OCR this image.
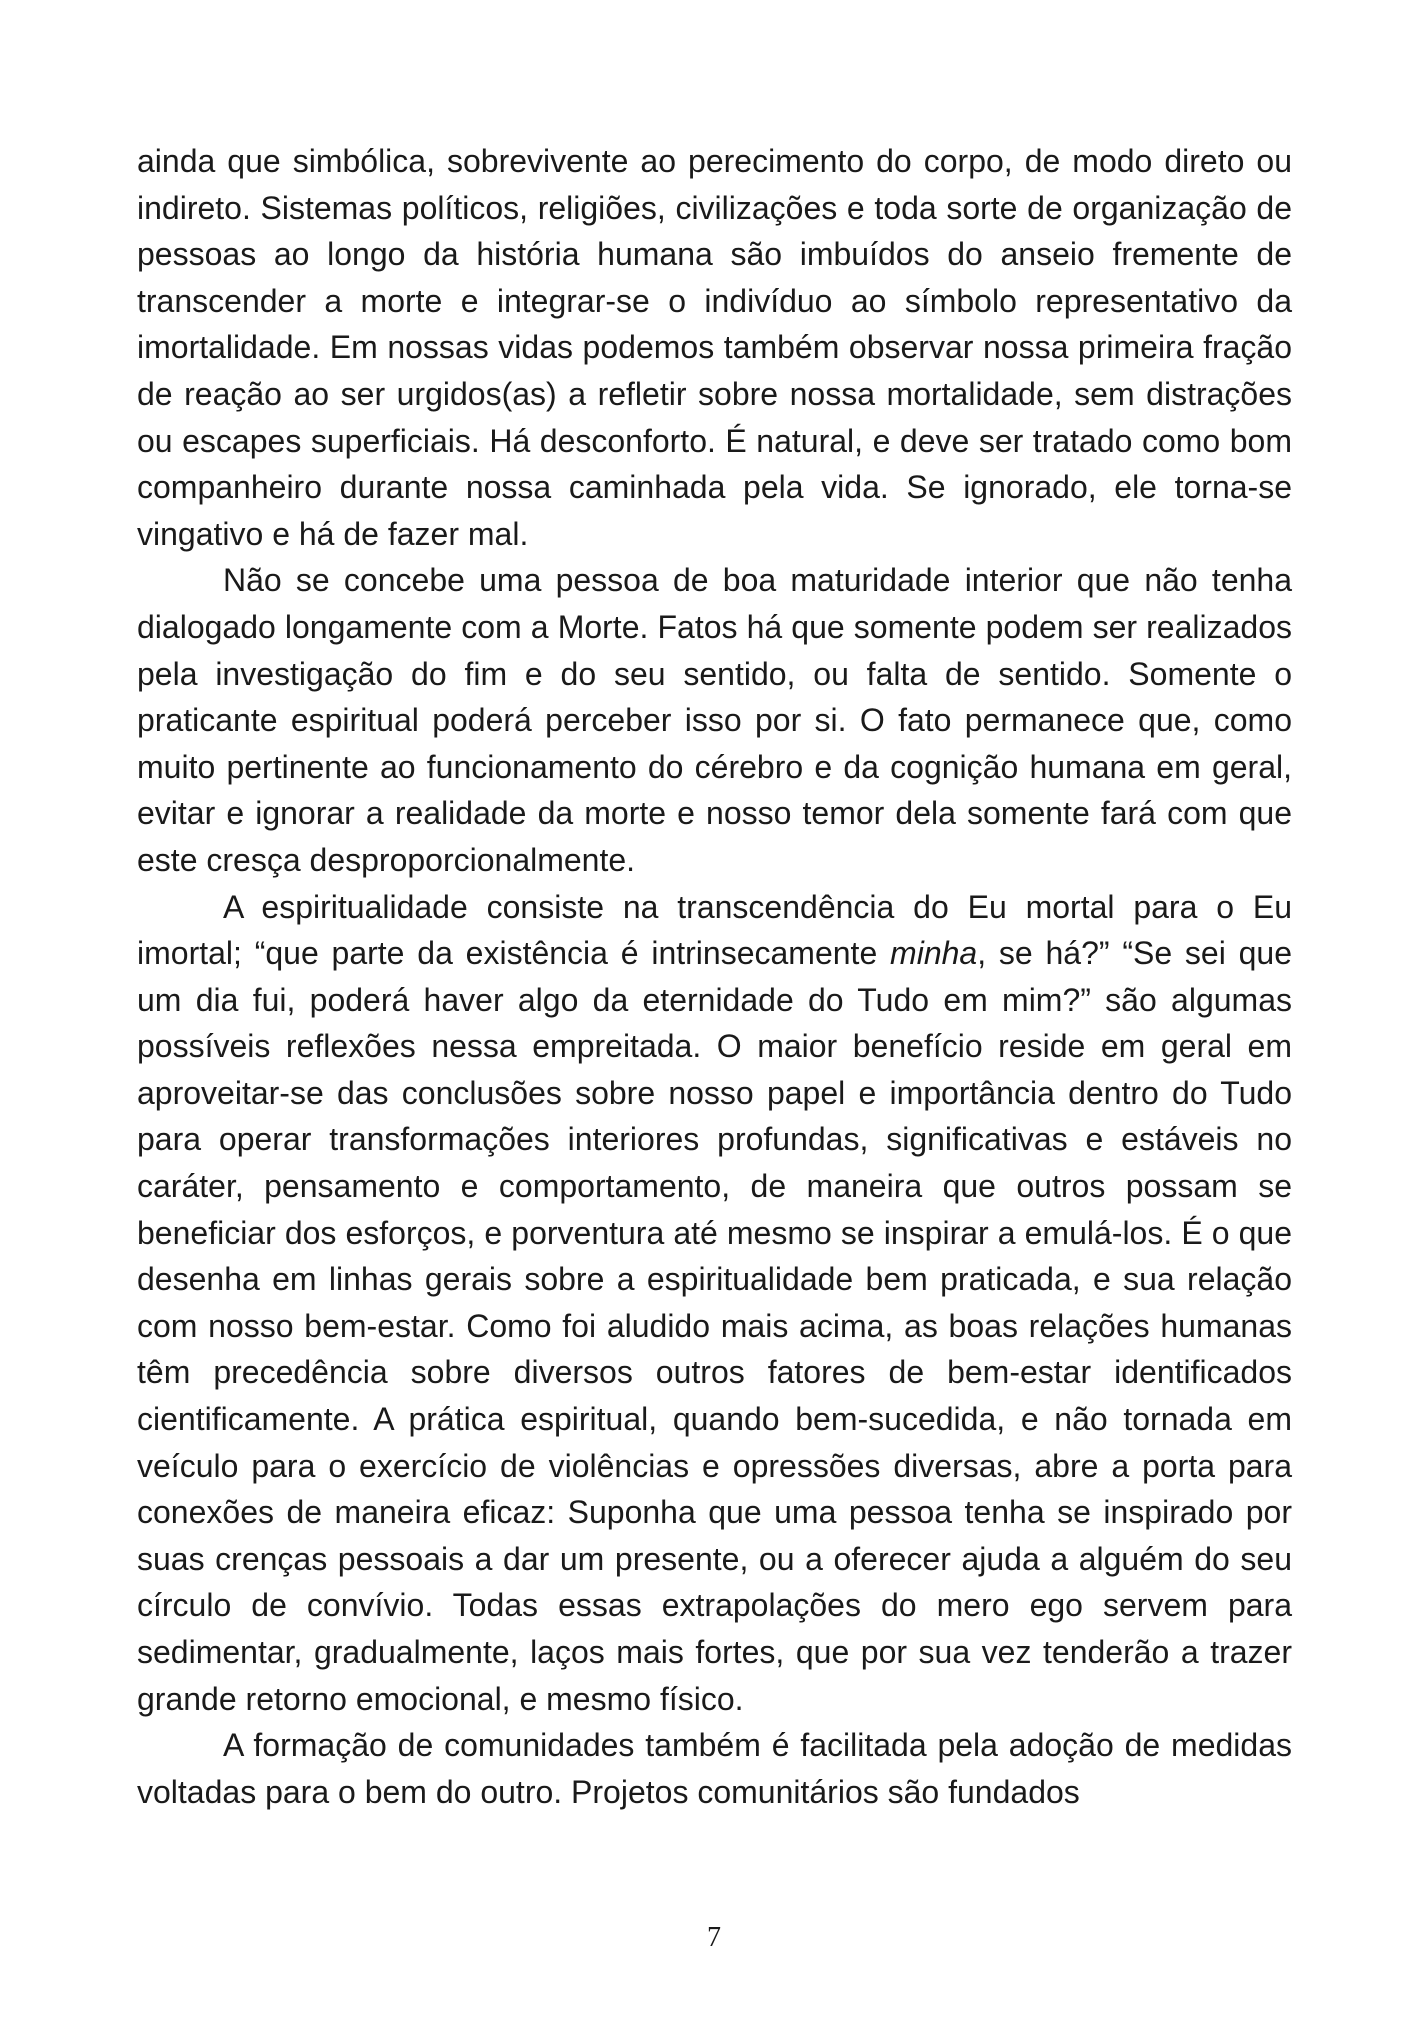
ainda que simbólica, sobrevivente ao perecimento do corpo, de modo direto ou indireto. Sistemas políticos, religiões, civilizações e toda sorte de organização de pessoas ao longo da história humana são imbuídos do anseio fremente de transcender a morte e integrar-se o indivíduo ao símbolo representativo da imortalidade. Em nossas vidas podemos também observar nossa primeira fração de reação ao ser urgidos(as) a refletir sobre nossa mortalidade, sem distrações ou escapes superficiais. Há desconforto. É natural, e deve ser tratado como bom companheiro durante nossa caminhada pela vida. Se ignorado, ele torna-se vingativo e há de fazer mal.

Não se concebe uma pessoa de boa maturidade interior que não tenha dialogado longamente com a Morte. Fatos há que somente podem ser realizados pela investigação do fim e do seu sentido, ou falta de sentido. Somente o praticante espiritual poderá perceber isso por si. O fato permanece que, como muito pertinente ao funcionamento do cérebro e da cognição humana em geral, evitar e ignorar a realidade da morte e nosso temor dela somente fará com que este cresça desproporcionalmente.

A espiritualidade consiste na transcendência do Eu mortal para o Eu imortal; “que parte da existência é intrinsecamente minha, se há?” “Se sei que um dia fui, poderá haver algo da eternidade do Tudo em mim?” são algumas possíveis reflexões nessa empreitada. O maior benefício reside em geral em aproveitar-se das conclusões sobre nosso papel e importância dentro do Tudo para operar transformações interiores profundas, significativas e estáveis no caráter, pensamento e comportamento, de maneira que outros possam se beneficiar dos esforços, e porventura até mesmo se inspirar a emulá-los. É o que desenha em linhas gerais sobre a espiritualidade bem praticada, e sua relação com nosso bem-estar. Como foi aludido mais acima, as boas relações humanas têm precedência sobre diversos outros fatores de bem-estar identificados cientificamente. A prática espiritual, quando bem-sucedida, e não tornada em veículo para o exercício de violências e opressões diversas, abre a porta para conexões de maneira eficaz: Suponha que uma pessoa tenha se inspirado por suas crenças pessoais a dar um presente, ou a oferecer ajuda a alguém do seu círculo de convívio. Todas essas extrapolações do mero ego servem para sedimentar, gradualmente, laços mais fortes, que por sua vez tenderão a trazer grande retorno emocional, e mesmo físico.

A formação de comunidades também é facilitada pela adoção de medidas voltadas para o bem do outro. Projetos comunitários são fundados

7
